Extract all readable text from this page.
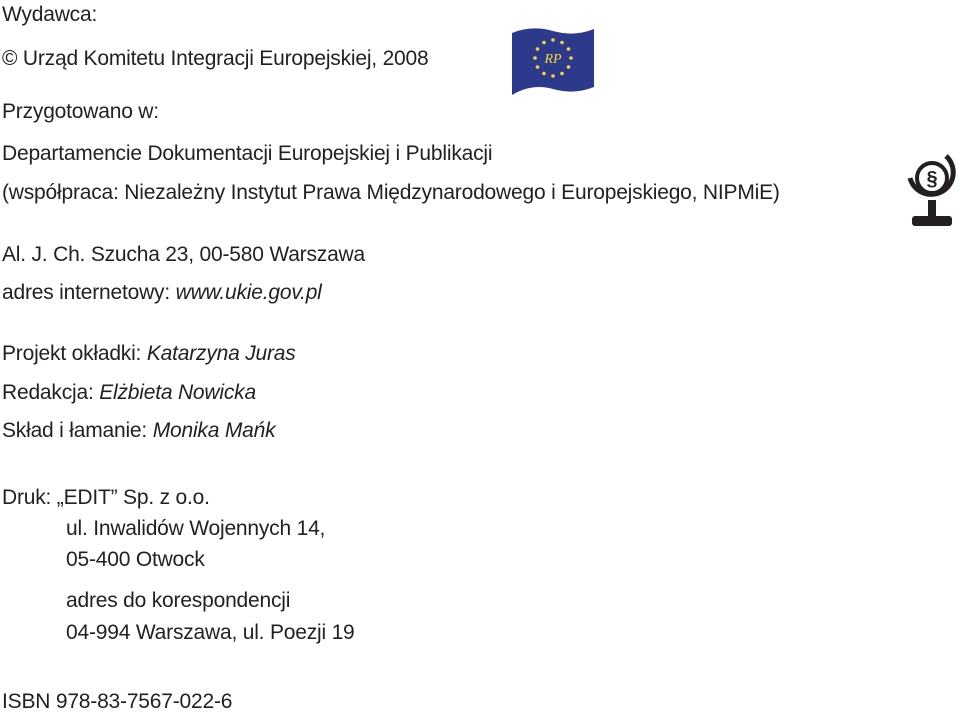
Wydawca:
© Urząd Komitetu Integracji Europejskiej, 2008	RP
Przygotowano w:
Departamencie Dokumentacji Europejskiej i Publikacji
(współpraca: Niezależny Instytut Prawa Międzynarodowego i Europejskiego, NIPMiE)
§
Al. J. Ch. Szucha 23, 00-580 Warszawa
adres internetowy: www.ukie.gov.pl
Projekt okładki: Katarzyna Juras
Redakcja: Elżbieta Nowicka
Skład i łamanie: Monika Mańk
Druk: „EDIT” Sp. z o.o.
ul. Inwalidów Wojennych 14,
05-400 Otwock
adres do korespondencji
04-994 Warszawa, ul. Poezji 19
ISBN 978-83-7567-022-6
